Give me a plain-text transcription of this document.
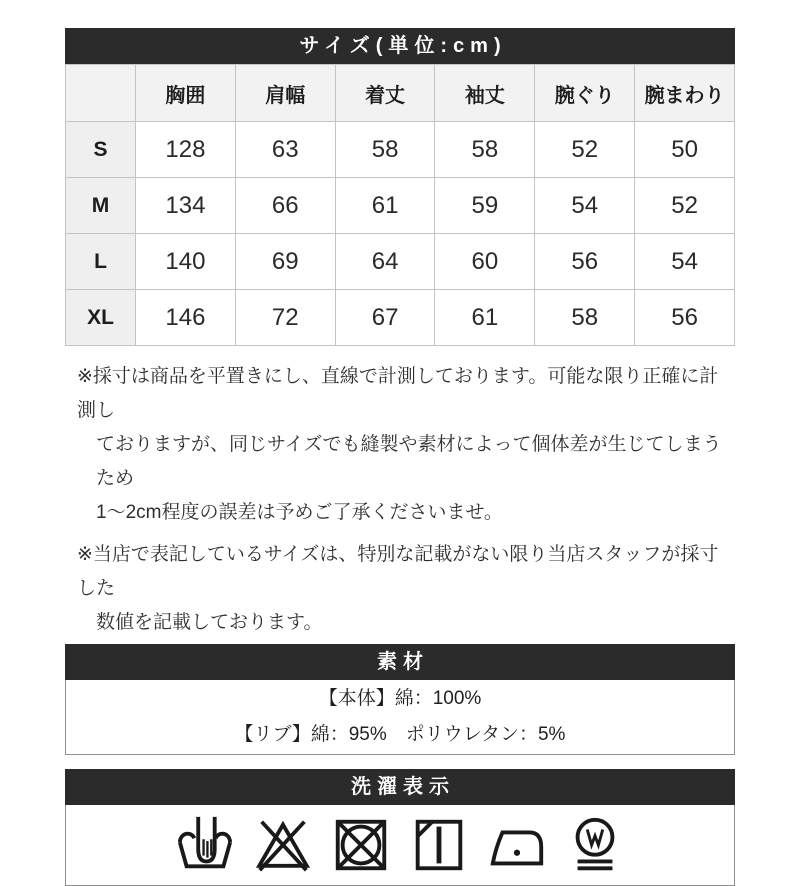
サイズ(単位:cm)
	胸囲	肩幅	着丈	袖丈	腕ぐり	腕まわり
S	128	63	58	58	52	50
M	134	66	61	59	54	52
L	140	69	64	60	56	54
XL	146	72	67	61	58	56
※採寸は商品を平置きにし、直線で計測しております。可能な限り正確に計測し
ておりますが、同じサイズでも縫製や素材によって個体差が生じてしまうため
1〜2cm程度の誤差は予めご了承くださいませ。
※当店で表記しているサイズは、特別な記載がない限り当店スタッフが採寸した
数値を記載しております。
素材
【本体】綿：100%
【リブ】綿：95%　ポリウレタン：5%
洗濯表示
